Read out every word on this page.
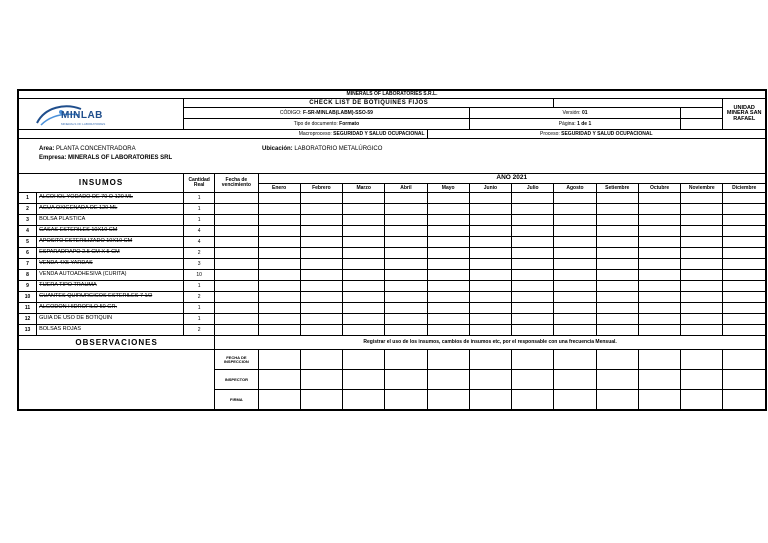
MINERALS OF LABORATORIES S.R.L.															

MINLAB
MINERALS OF LABORATORIES		CHECK LIST DE BOTIQUINES FIJOS													UNIDAD MINERA SAN RAFAEL
		CÓDIGO: F-SR-MINLAB(LABM)-SSO-59							Versión: 01						
		Tipo de documento: Formato							Página: 1 de 1						
Macroproceso: SEGURIDAD Y SALUD OCUPACIONAL								Proceso: SEGURIDAD Y SALUD OCUPACIONAL							

Area: PLANTA CONCENTRADORA
Empresa: MINERALS OF LABORATORIES SRL
Ubicación: LABORATORIO METALÚRGICO															

INSUMOS		Cantidad Real	Fecha de vencimiento	AÑO 2021											
				Enero	Febrero	Marzo	Abril	Mayo	Junio	Julio	Agosto	Setiembre	Octubre	Noviembre	Diciembre
1	ALCOHOL YODADO DE 70 O 120 ML	1													
2	AGUA OXIGENADA DE 120 ML	1													
3	BOLSA PLASTICA	1													
4	GASAS ESTERILES 10X10 CM	4													
5	APOSITO ESTERILIZADO 10X10 CM	4													
6	ESPARADRAPO 2.5 CM X 5 CM	2													
7	VENDA 4X5 YARDAS	3													
8	VENDA AUTOADHESIVA (CURITA)	10													
9	TIJERA TIPO TRAUMA	1													
10	GUANTES QUIRURGICOS ESTERILES 7 1/2	2													
11	ALGODON HIDROFILO 50 GR.	1													
12	GUIA DE USO DE BOTIQUIN	1													
13	BOLSAS ROJAS	2													
OBSERVACIONES			Registrar el uso de los insumos, cambios de insumos etc, por el responsable con una frecuencia Mensual.												
			FECHA DE INSPECCION												
			INSPECTOR												
			FIRMA												
